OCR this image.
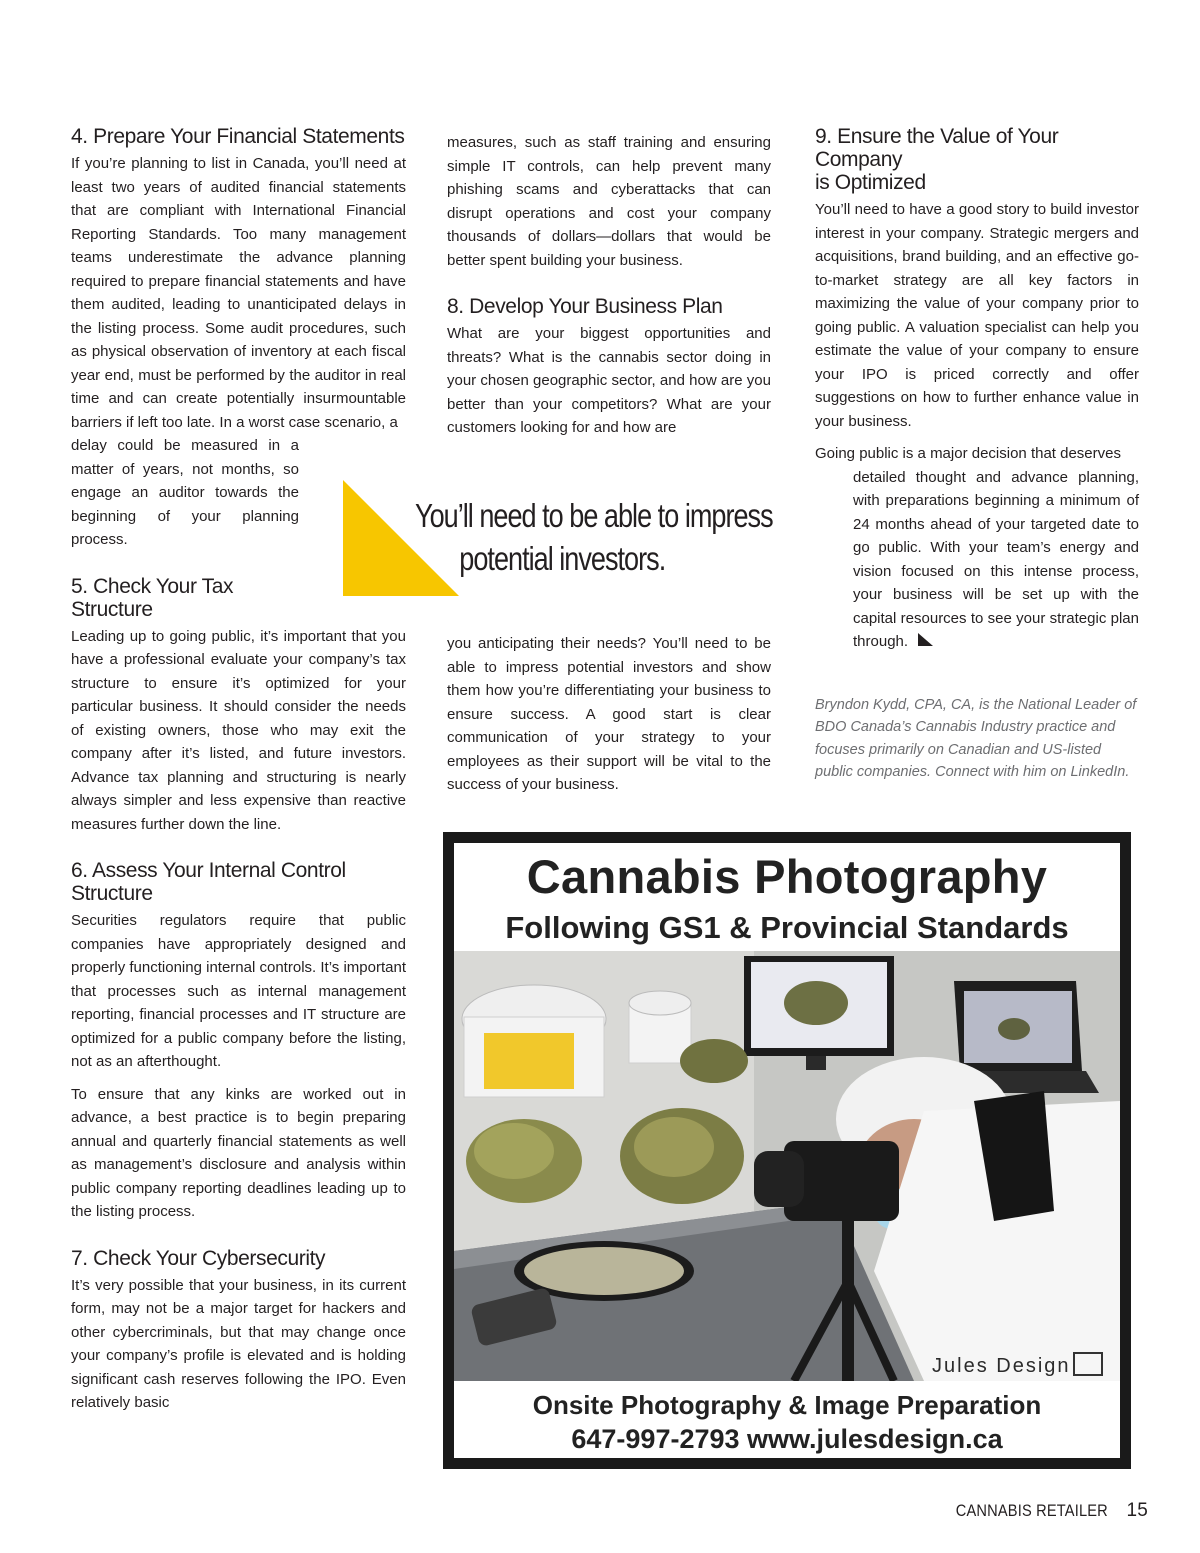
4. Prepare Your Financial Statements

If you’re planning to list in Canada, you’ll need at least two years of audited financial statements that are compliant with International Financial Reporting Standards. Too many management teams underestimate the advance planning required to prepare financial statements and have them audited, leading to unanticipated delays in the listing process. Some audit procedures, such as physical observation of inventory at each fiscal year end, must be performed by the auditor in real time and can create potentially insurmountable barriers if left too late. In a worst case scenario, a

delay could be measured in a matter of years, not months, so engage an auditor towards the beginning of your planning process.

5. Check Your Tax
Structure

Leading up to going public, it’s important that you have a professional evaluate your company’s tax structure to ensure it’s optimized for your particular business. It should consider the needs of existing owners, those who may exit the company after it’s listed, and future investors. Advance tax planning and structuring is nearly always simpler and less expensive than reactive measures further down the line.

6. Assess Your Internal Control
Structure

Securities regulators require that public companies have appropriately designed and properly functioning internal controls. It’s important that processes such as internal management reporting, financial processes and IT structure are optimized for a public company before the listing, not as an afterthought.

To ensure that any kinks are worked out in advance, a best practice is to begin preparing annual and quarterly financial statements as well as management’s disclosure and analysis within public company reporting deadlines leading up to the listing process.

7. Check Your Cybersecurity

It’s very possible that your business, in its current form, may not be a major target for hackers and other cybercriminals, but that may change once your company’s profile is elevated and is holding significant cash reserves following the IPO. Even relatively basic

measures, such as staff training and ensuring simple IT controls, can help prevent many phishing scams and cyberattacks that can disrupt operations and cost your company thousands of dollars—dollars that would be better spent building your business.

8. Develop Your Business Plan

What are your biggest opportunities and threats? What is the cannabis sector doing in your chosen geographic sector, and how are you better than your competitors? What are your customers looking for and how are

you anticipating their needs? You’ll need to be able to impress potential investors and show them how you’re differentiating your business to ensure success. A good start is clear communication of your strategy to your employees as their support will be vital to the success of your business.

You’ll need to be able to impress
potential investors.
9. Ensure the Value of Your Company
is Optimized

You’ll need to have a good story to build investor interest in your company. Strategic mergers and acquisitions, brand building, and an effective go-to-market strategy are all key factors in maximizing the value of your company prior to going public. A valuation specialist can help you estimate the value of your company to ensure your IPO is priced correctly and offer suggestions on how to further enhance value in your business.

Going public is a major decision that deserves

detailed thought and advance planning, with preparations beginning a minimum of 24 months ahead of your targeted date to go public. With your team’s energy and vision focused on this intense process, your business will be set up with the capital resources to see your strategic plan through.

Bryndon Kydd, CPA, CA, is the National Leader of BDO Canada’s Cannabis Industry practice and focuses primarily on Canadian and US-listed public companies. Connect with him on LinkedIn.

Cannabis Photography
Following GS1 & Provincial Standards
Jules Design
Onsite Photography & Image Preparation
647-997-2793 www.julesdesign.ca
CANNABIS RETAILER 15
